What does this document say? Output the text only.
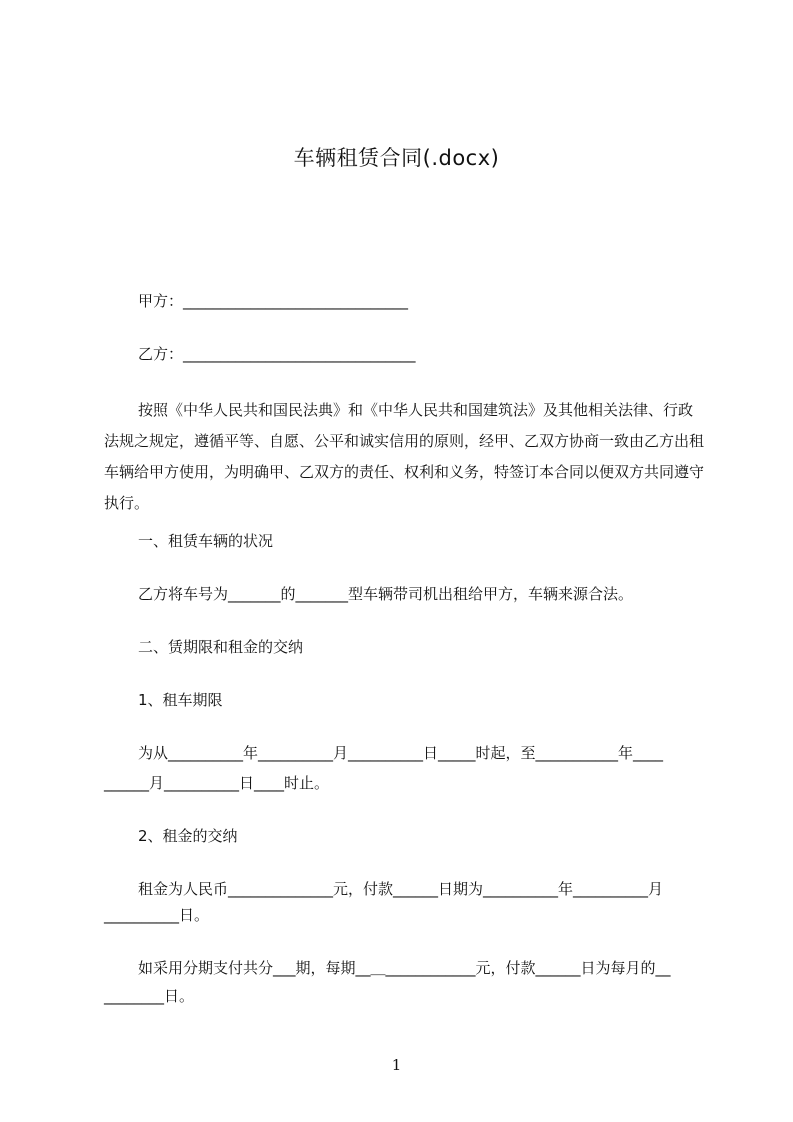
车辆租赁合同(.docx)
甲方：______________________________
乙方：_______________________________
按照《中华人民共和国民法典》和《中华人民共和国建筑法》及其他相关法律、行政法规之规定，遵循平等、自愿、公平和诚实信用的原则，经甲、乙双方协商一致由乙方出租车辆给甲方使用，为明确甲、乙双方的责任、权利和义务，特签订本合同以便双方共同遵守执行。
一、租赁车辆的状况
乙方将车号为_______的_______型车辆带司机出租给甲方，车辆来源合法。
二、赁期限和租金的交纳
1、租车期限
为从__________年__________月__________日_____时起，至___________年____
______月__________日____时止。
2、租金的交纳
租金为人民币______________元，付款______日期为__________年__________月
__________日。
如采用分期支付共分___期，每期__＿____________元，付款______日为每月的__
________日。
1
